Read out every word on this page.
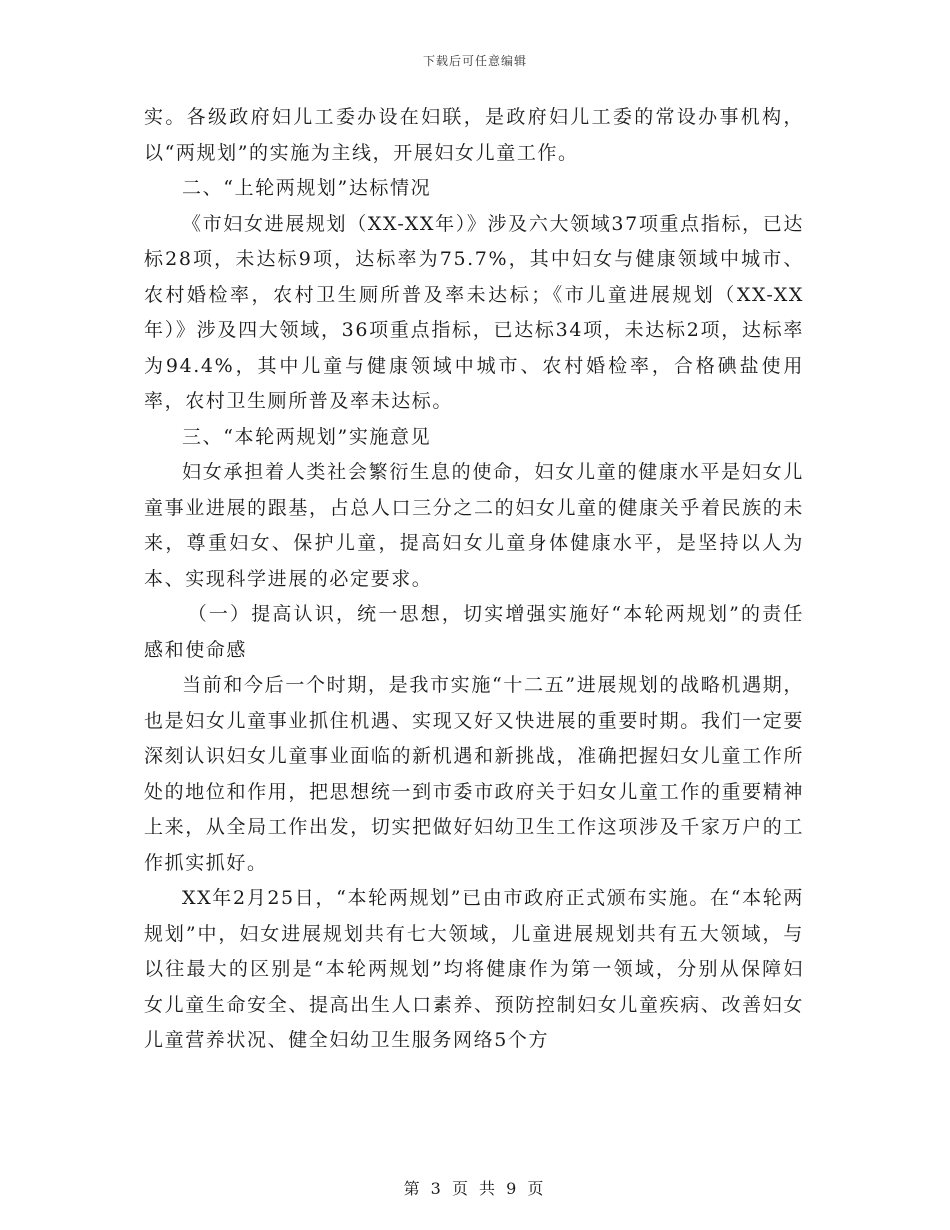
下载后可任意编辑

实。各级政府妇儿工委办设在妇联，是政府妇儿工委的常设办事机构，以“两规划”的实施为主线，开展妇女儿童工作。

二、“上轮两规划”达标情况

《市妇女进展规划（XX-XX年）》涉及六大领域37项重点指标，已达标28项，未达标9项，达标率为75.7%，其中妇女与健康领域中城市、农村婚检率，农村卫生厕所普及率未达标；《市儿童进展规划（XX-XX年）》涉及四大领域，36项重点指标，已达标34项，未达标2项，达标率为94.4%，其中儿童与健康领域中城市、农村婚检率，合格碘盐使用率，农村卫生厕所普及率未达标。

三、“本轮两规划”实施意见

妇女承担着人类社会繁衍生息的使命，妇女儿童的健康水平是妇女儿童事业进展的跟基，占总人口三分之二的妇女儿童的健康关乎着民族的未来，尊重妇女、保护儿童，提高妇女儿童身体健康水平，是坚持以人为本、实现科学进展的必定要求。

（一）提高认识，统一思想，切实增强实施好“本轮两规划”的责任感和使命感

当前和今后一个时期，是我市实施“十二五”进展规划的战略机遇期，也是妇女儿童事业抓住机遇、实现又好又快进展的重要时期。我们一定要深刻认识妇女儿童事业面临的新机遇和新挑战，准确把握妇女儿童工作所处的地位和作用，把思想统一到市委市政府关于妇女儿童工作的重要精神上来，从全局工作出发，切实把做好妇幼卫生工作这项涉及千家万户的工作抓实抓好。

XX年2月25日，“本轮两规划”已由市政府正式颁布实施。在“本轮两规划”中，妇女进展规划共有七大领域，儿童进展规划共有五大领域，与以往最大的区别是“本轮两规划”均将健康作为第一领域，分别从保障妇女儿童生命安全、提高出生人口素养、预防控制妇女儿童疾病、改善妇女儿童营养状况、健全妇幼卫生服务网络5个方

第 3 页 共 9 页
